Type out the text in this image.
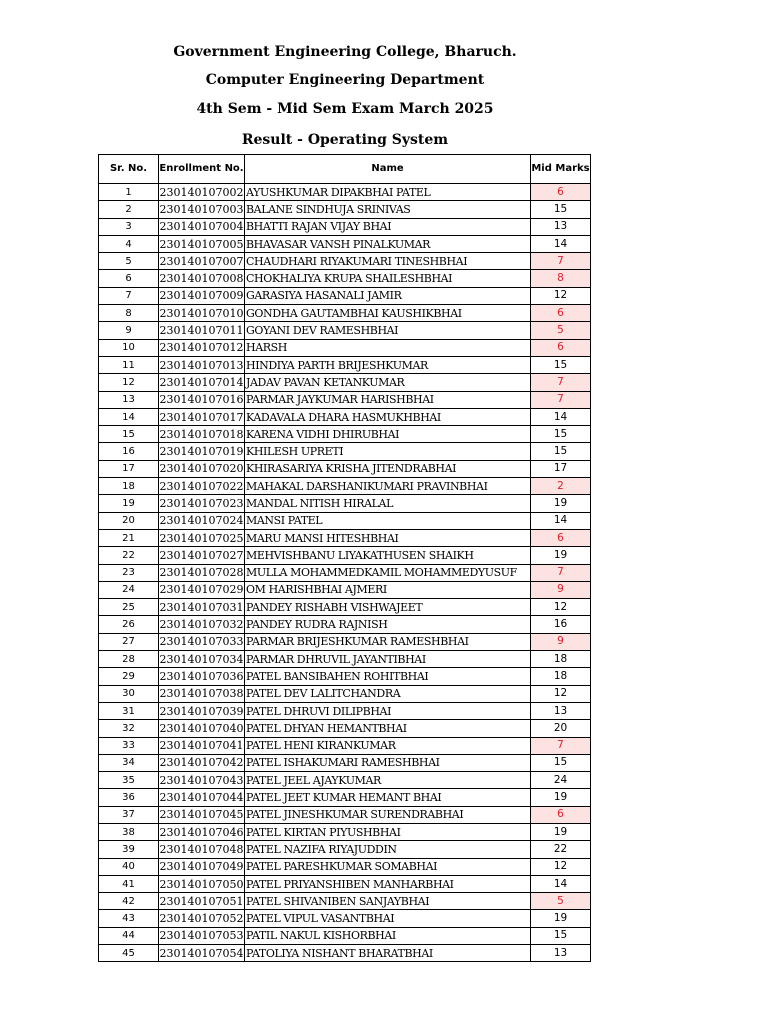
Government Engineering College, Bharuch.
Computer Engineering Department
4th Sem - Mid Sem Exam March 2025
Result - Operating System
Sr. No.	Enrollment No.	Name	Mid Marks
1	230140107002	AYUSHKUMAR DIPAKBHAI PATEL	6
2	230140107003	BALANE SINDHUJA SRINIVAS	15
3	230140107004	BHATTI RAJAN VIJAY BHAI	13
4	230140107005	BHAVASAR VANSH PINALKUMAR	14
5	230140107007	CHAUDHARI RIYAKUMARI TINESHBHAI	7
6	230140107008	CHOKHALIYA KRUPA SHAILESHBHAI	8
7	230140107009	GARASIYA HASANALI JAMIR	12
8	230140107010	GONDHA GAUTAMBHAI KAUSHIKBHAI	6
9	230140107011	GOYANI DEV RAMESHBHAI	5
10	230140107012	HARSH	6
11	230140107013	HINDIYA PARTH BRIJESHKUMAR	15
12	230140107014	JADAV PAVAN KETANKUMAR	7
13	230140107016	PARMAR JAYKUMAR HARISHBHAI	7
14	230140107017	KADAVALA DHARA HASMUKHBHAI	14
15	230140107018	KARENA VIDHI DHIRUBHAI	15
16	230140107019	KHILESH UPRETI	15
17	230140107020	KHIRASARIYA KRISHA JITENDRABHAI	17
18	230140107022	MAHAKAL DARSHANIKUMARI PRAVINBHAI	2
19	230140107023	MANDAL NITISH HIRALAL	19
20	230140107024	MANSI PATEL	14
21	230140107025	MARU MANSI HITESHBHAI	6
22	230140107027	MEHVISHBANU LIYAKATHUSEN SHAIKH	19
23	230140107028	MULLA MOHAMMEDKAMIL MOHAMMEDYUSUF	7
24	230140107029	OM HARISHBHAI AJMERI	9
25	230140107031	PANDEY RISHABH VISHWAJEET	12
26	230140107032	PANDEY RUDRA RAJNISH	16
27	230140107033	PARMAR BRIJESHKUMAR RAMESHBHAI	9
28	230140107034	PARMAR DHRUVIL JAYANTIBHAI	18
29	230140107036	PATEL BANSIBAHEN ROHITBHAI	18
30	230140107038	PATEL DEV LALITCHANDRA	12
31	230140107039	PATEL DHRUVI DILIPBHAI	13
32	230140107040	PATEL DHYAN HEMANTBHAI	20
33	230140107041	PATEL HENI KIRANKUMAR	7
34	230140107042	PATEL ISHAKUMARI RAMESHBHAI	15
35	230140107043	PATEL JEEL AJAYKUMAR	24
36	230140107044	PATEL JEET KUMAR HEMANT BHAI	19
37	230140107045	PATEL JINESHKUMAR SURENDRABHAI	6
38	230140107046	PATEL KIRTAN PIYUSHBHAI	19
39	230140107048	PATEL NAZIFA RIYAJUDDIN	22
40	230140107049	PATEL PARESHKUMAR SOMABHAI	12
41	230140107050	PATEL PRIYANSHIBEN MANHARBHAI	14
42	230140107051	PATEL SHIVANIBEN SANJAYBHAI	5
43	230140107052	PATEL VIPUL VASANTBHAI	19
44	230140107053	PATIL NAKUL KISHORBHAI	15
45	230140107054	PATOLIYA NISHANT BHARATBHAI	13
